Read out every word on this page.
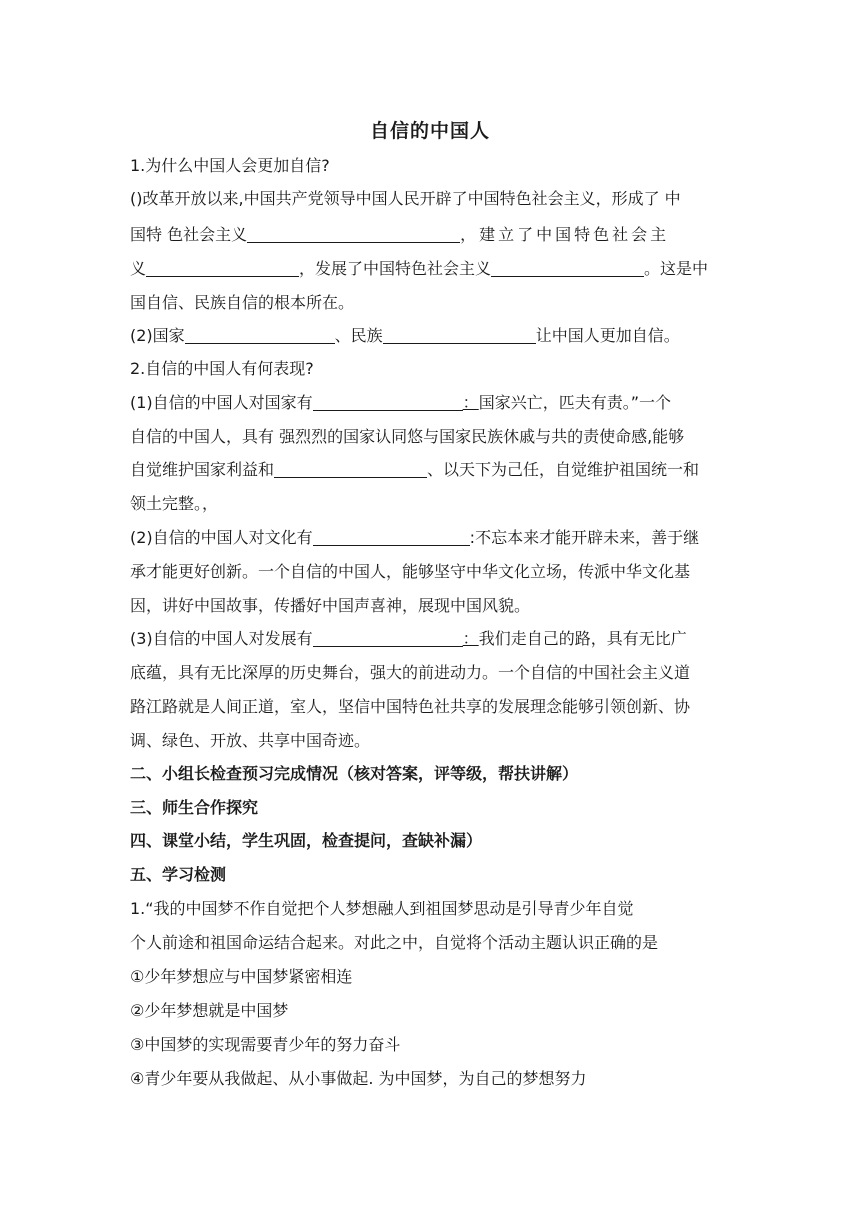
自信的中国人
1.为什么中国人会更加自信?
()改革开放以来,中国共产党领导中国人民开辟了中国特色社会主义，形成了 中
国特 色社会主义	，建立了中国特色社会主
义	，发展了中国特色社会主义	。这是中
国自信、民族自信的根本所在。
(2)国家	、民族	让中国人更加自信。
2.自信的中国人有何表现?
(1)自信的中国人对国家有	：国家兴亡，匹夫有责。”一个
自信的中国人，具有 强烈烈的国家认同悠与国家民族休戚与共的责使命感,能够
自觉维护国家利益和	、以天下为己任，自觉维护祖国统一和
领土完整。，
(2)自信的中国人对文化有	:不忘本来才能开辟未来，善于继
承才能更好创新。一个自信的中国人，能够坚守中华文化立场，传派中华文化基
因，讲好中国故事，传播好中国声喜神，展现中国风貌。
(3)自信的中国人对发展有	：我们走自己的路，具有无比广
底蕴，具有无比深厚的历史舞台，强大的前进动力。一个自信的中国社会主义道
路江路就是人间正道，室人，坚信中国特色社共享的发展理念能够引领创新、协
调、绿色、开放、共享中国奇迹。
二、小组长检查预习完成情况（核对答案，评等级，帮扶讲解）
三、师生合作探究
四、课堂小结，学生巩固，检查提问，查缺补漏）
五、学习检测
1.“我的中国梦不作自觉把个人梦想融人到祖国梦思动是引导青少年自觉
个人前途和祖国命运结合起来。对此之中，自觉将个活动主题认识正确的是
①少年梦想应与中国梦紧密相连
②少年梦想就是中国梦
③中国梦的实现需要青少年的努力奋斗
④青少年要从我做起、从小事做起. 为中国梦，为自己的梦想努力
